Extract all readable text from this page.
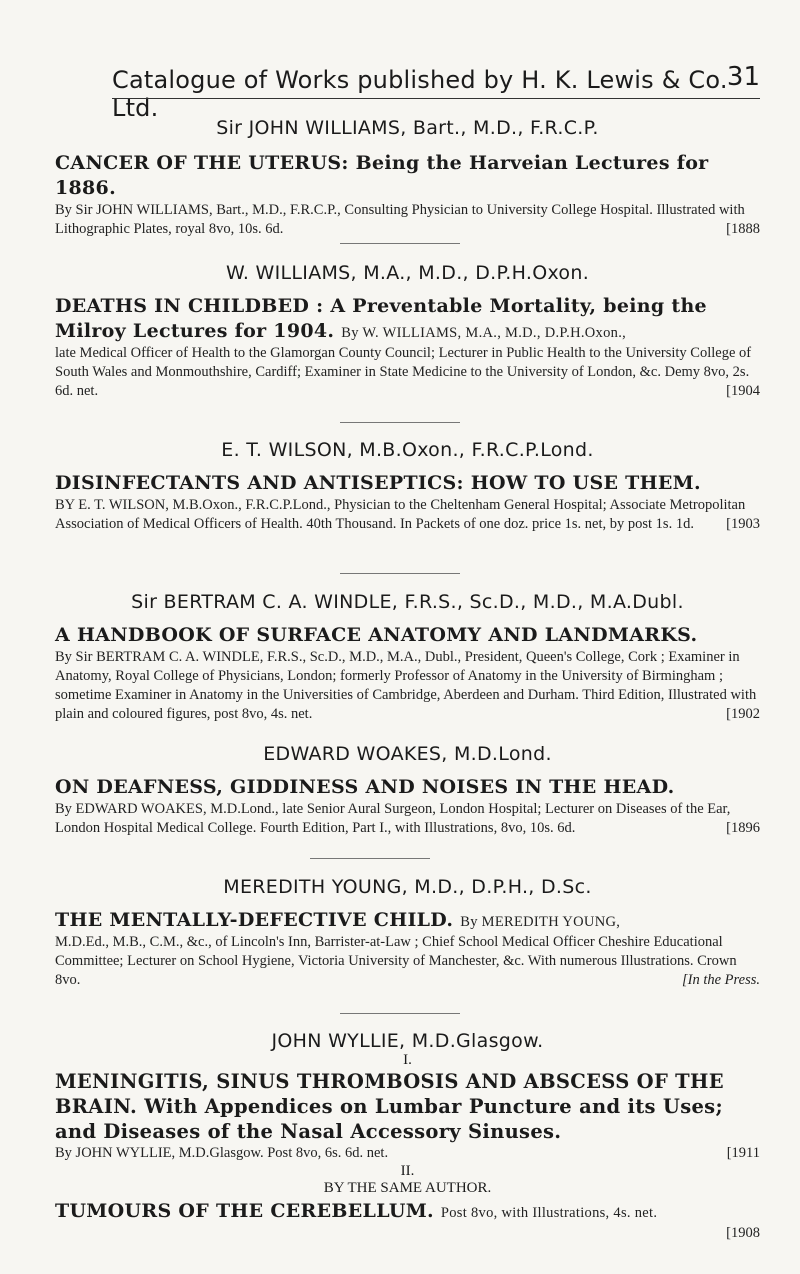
Catalogue of Works published by H. K. Lewis & Co. Ltd.
31

Sir JOHN WILLIAMS, Bart., M.D., F.R.C.P.

CANCER OF THE UTERUS: Being the Harveian Lectures for 1886.

By Sir JOHN WILLIAMS, Bart., M.D., F.R.C.P., Consulting Physician to University College Hospital. Illustrated with Lithographic Plates, royal 8vo, 10s. 6d.	[1888

W. WILLIAMS, M.A., M.D., D.P.H.Oxon.

DEATHS IN CHILDBED : A Preventable Mortality, being the Milroy Lectures for 1904. By W. WILLIAMS, M.A., M.D., D.P.H.Oxon.,

late Medical Officer of Health to the Glamorgan County Council; Lecturer in Public Health to the University College of South Wales and Monmouthshire, Cardiff; Examiner in State Medicine to the University of London, &c. Demy 8vo, 2s. 6d. net.	[1904

E. T. WILSON, M.B.Oxon., F.R.C.P.Lond.

DISINFECTANTS AND ANTISEPTICS: HOW TO USE THEM.

BY E. T. WILSON, M.B.Oxon., F.R.C.P.Lond., Physician to the Cheltenham General Hospital; Associate Metropolitan Association of Medical Officers of Health. 40th Thousand. In Packets of one doz. price 1s. net, by post 1s. 1d. [1903

Sir BERTRAM C. A. WINDLE, F.R.S., Sc.D., M.D., M.A.Dubl.

A HANDBOOK OF SURFACE ANATOMY AND LANDMARKS.

By Sir BERTRAM C. A. WINDLE, F.R.S., Sc.D., M.D., M.A., Dubl., President, Queen's College, Cork ; Examiner in Anatomy, Royal College of Physicians, London; formerly Professor of Anatomy in the University of Birmingham ; sometime Examiner in Anatomy in the Universities of Cambridge, Aberdeen and Durham. Third Edition, Illustrated with plain and coloured figures, post 8vo, 4s. net.	[1902

EDWARD WOAKES, M.D.Lond.

ON DEAFNESS, GIDDINESS AND NOISES IN THE HEAD.

By EDWARD WOAKES, M.D.Lond., late Senior Aural Surgeon, London Hospital; Lecturer on Diseases of the Ear, London Hospital Medical College. Fourth Edition, Part I., with Illustrations, 8vo, 10s. 6d.	[1896

MEREDITH YOUNG, M.D., D.P.H., D.Sc.

THE MENTALLY-DEFECTIVE CHILD. By MEREDITH YOUNG,

M.D.Ed., M.B., C.M., &c., of Lincoln's Inn, Barrister-at-Law ; Chief School Medical Officer Cheshire Educational Committee; Lecturer on School Hygiene, Victoria University of Manchester, &c. With numerous Illustrations. Crown 8vo.	[In the Press.

JOHN WYLLIE, M.D.Glasgow.

I.

MENINGITIS, SINUS THROMBOSIS AND ABSCESS OF THE BRAIN. With Appendices on Lumbar Puncture and its Uses; and Diseases of the Nasal Accessory Sinuses.

By JOHN WYLLIE, M.D.Glasgow. Post 8vo, 6s. 6d. net.	[1911

II.

BY THE SAME AUTHOR.

TUMOURS OF THE CEREBELLUM. Post 8vo, with Illustrations, 4s. net.

[1908
